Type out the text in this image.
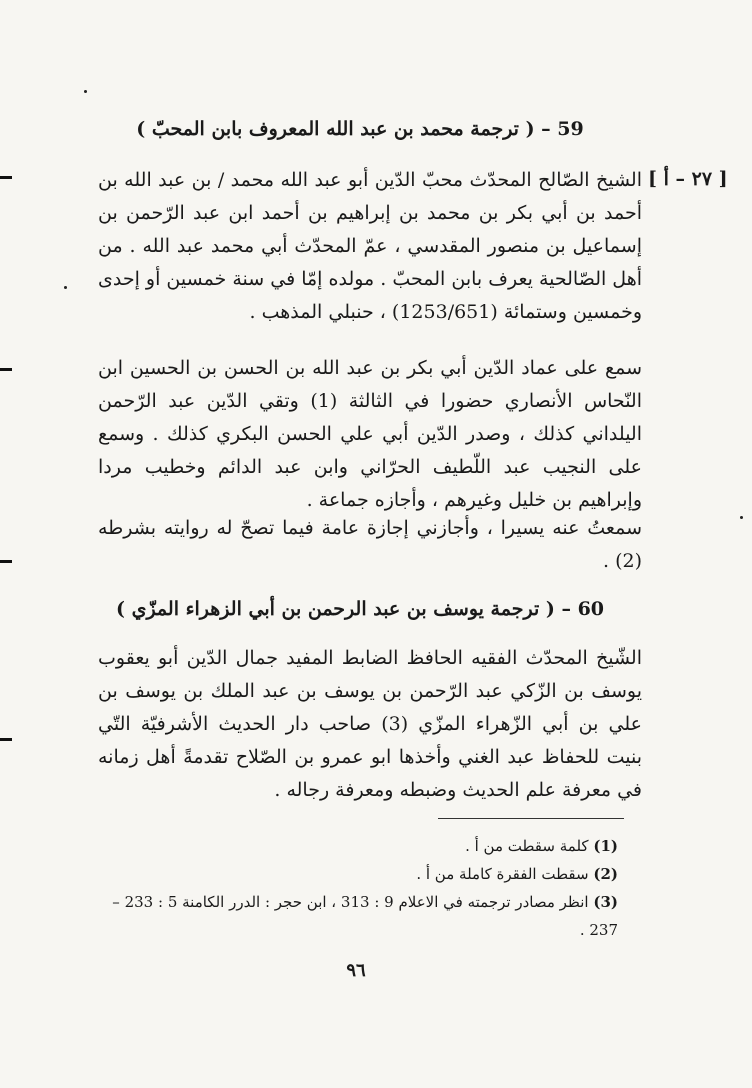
59 – ( ترجمة محمد بن عبد الله المعروف بابن المحبّ )
[ ٢٧ – أ ]
الشيخ الصّالح المحدّث محبّ الدّين أبو عبد الله محمد / بن عبد الله بن أحمد بن أبي بكر بن محمد بن إبراهيم بن أحمد ابن عبد الرّحمن بن إسماعيل بن منصور المقدسي ، عمّ المحدّث أبي محمد عبد الله . من أهل الصّالحية يعرف بابن المحبّ . مولده إمّا في سنة خمسين أو إحدى وخمسين وستمائة (1253/651) ، حنبلي المذهب .
سمع على عماد الدّين أبي بكر بن عبد الله بن الحسن بن الحسين ابن النّحاس الأنصاري حضورا في الثالثة (1) وتقي الدّين عبد الرّحمن اليلداني كذلك ، وصدر الدّين أبي علي الحسن البكري كذلك . وسمع على النجيب عبد اللّطيف الحرّاني وابن عبد الدائم وخطيب مردا وإبراهيم بن خليل وغيرهم ، وأجازه جماعة .
سمعتُ عنه يسيرا ، وأجازني إجازة عامة فيما تصحّ له روايته بشرطه (2) .
60 – ( ترجمة يوسف بن عبد الرحمن بن أبي الزهراء المزّي )
الشّيخ المحدّث الفقيه الحافظ الضابط المفيد جمال الدّين أبو يعقوب يوسف بن الزّكي عبد الرّحمن بن يوسف بن عبد الملك بن يوسف بن علي بن أبي الزّهراء المزّي (3) صاحب دار الحديث الأشرفيّة التّي بنيت للحفاظ عبد الغني وأخذها ابو عمرو بن الصّلاح تقدمةً أهل زمانه في معرفة علم الحديث وضبطه ومعرفة رجاله .
(1) كلمة سقطت من أ .
(2) سقطت الفقرة كاملة من أ .
(3) انظر مصادر ترجمته في الاعلام 9 : 313 ، ابن حجر : الدرر الكامنة 5 : 233 – 237 .
٩٦
